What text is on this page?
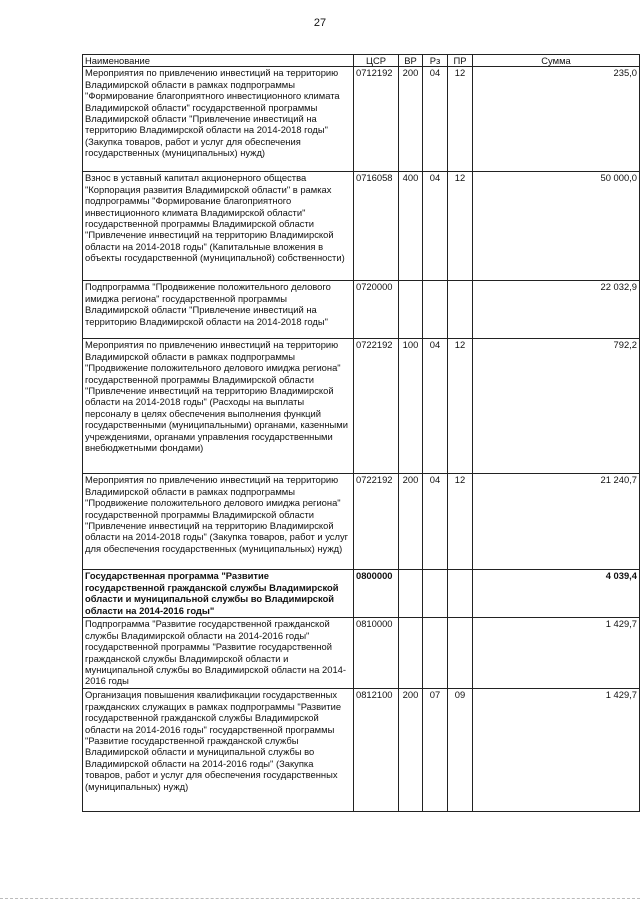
27
Наименование	ЦСР	ВР	Рз	ПР	Сумма
Мероприятия по привлечению инвестиций на территорию Владимирской области в рамках подпрограммы "Формирование благоприятного инвестиционного климата Владимирской области" государственной программы Владимирской области "Привлечение инвестиций на территорию Владимирской области на 2014-2018 годы" (Закупка товаров, работ и услуг для обеспечения государственных (муниципальных) нужд)	0712192	200	04	12	235,0
Взнос в уставный капитал акционерного общества "Корпорация развития Владимирской области" в рамках подпрограммы "Формирование благоприятного инвестиционного климата Владимирской области" государственной программы Владимирской области "Привлечение инвестиций на территорию Владимирской области на 2014-2018 годы" (Капитальные вложения в объекты государственной (муниципальной) собственности)	0716058	400	04	12	50 000,0
Подпрограмма "Продвижение положительного делового имиджа региона" государственной программы Владимирской области "Привлечение инвестиций на территорию Владимирской области на 2014-2018 годы"	0720000				22 032,9
Мероприятия по привлечению инвестиций на территорию Владимирской области в рамках подпрограммы "Продвижение положительного делового имиджа региона" государственной программы Владимирской области "Привлечение инвестиций на территорию Владимирской области на 2014-2018 годы" (Расходы на выплаты персоналу в целях обеспечения выполнения функций государственными (муниципальными) органами, казенными учреждениями, органами управления государственными внебюджетными фондами)	0722192	100	04	12	792,2
Мероприятия по привлечению инвестиций на территорию Владимирской области в рамках подпрограммы "Продвижение положительного делового имиджа региона" государственной программы Владимирской области "Привлечение инвестиций на территорию Владимирской области на 2014-2018 годы" (Закупка товаров, работ и услуг для обеспечения государственных (муниципальных) нужд)	0722192	200	04	12	21 240,7
Государственная программа "Развитие государственной гражданской службы Владимирской области и муниципальной службы во Владимирской области на 2014-2016 годы"	0800000				4 039,4
Подпрограмма "Развитие государственной гражданской службы Владимирской области на 2014-2016 годы" государственной программы "Развитие государственной гражданской службы Владимирской области и муниципальной службы во Владимирской области на 2014-2016 годы	0810000				1 429,7
Организация повышения квалификации государственных гражданских служащих в рамках подпрограммы "Развитие государственной гражданской службы Владимирской области на 2014-2016 годы" государственной программы "Развитие государственной гражданской службы Владимирской области и муниципальной службы во Владимирской области на 2014-2016 годы" (Закупка товаров, работ и услуг для обеспечения государственных (муниципальных) нужд)	0812100	200	07	09	1 429,7
